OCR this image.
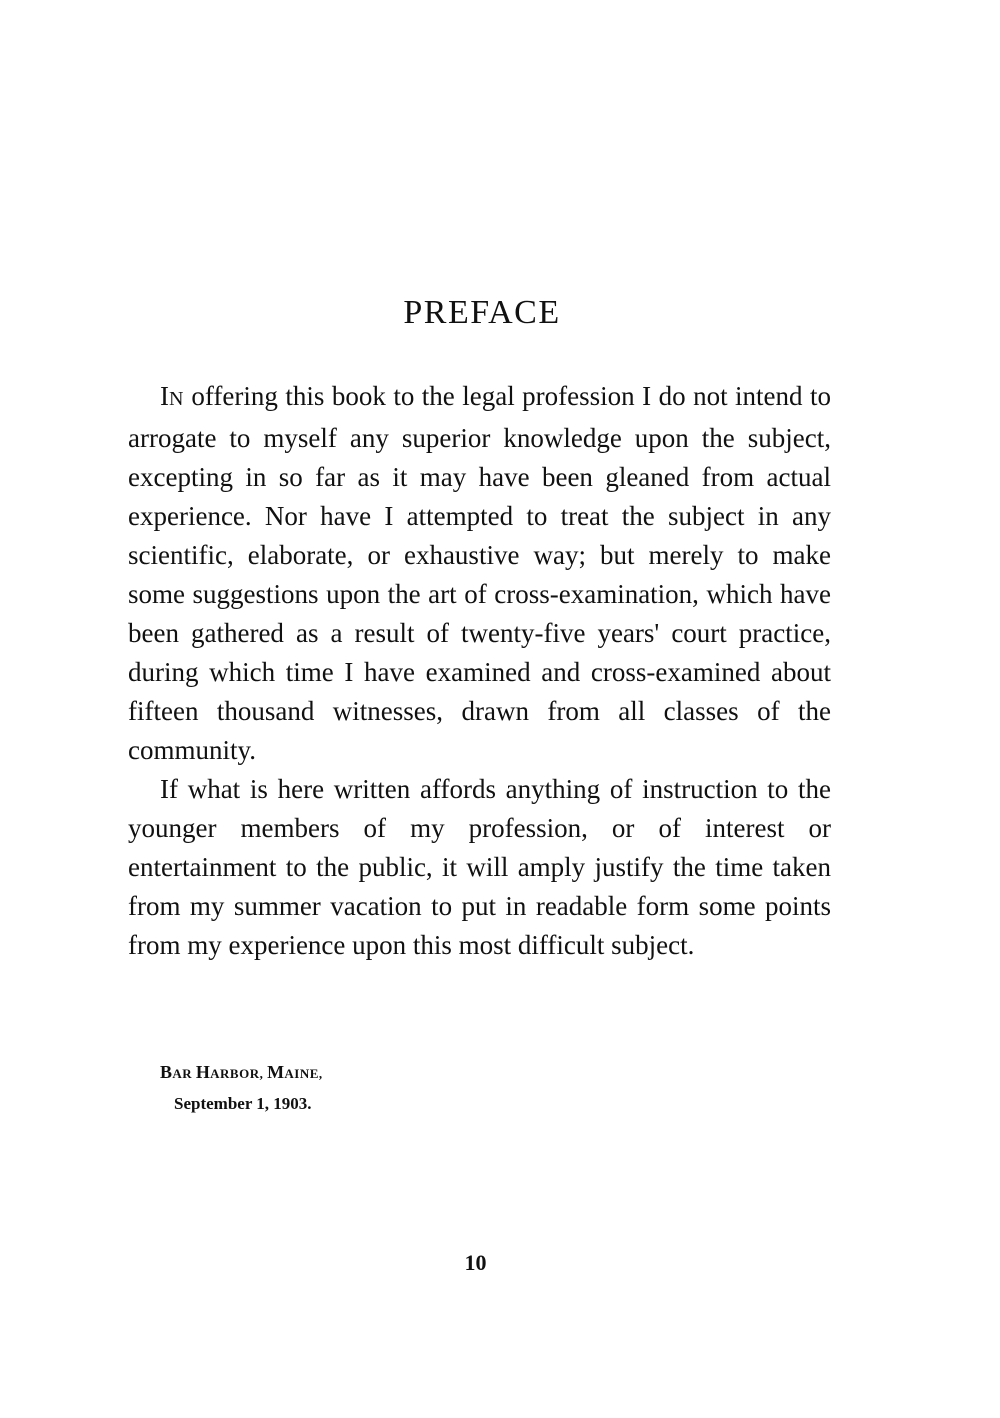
PREFACE

IN offering this book to the legal profession I do not intend to arrogate to myself any superior knowledge upon the subject, excepting in so far as it may have been gleaned from actual experience. Nor have I attempted to treat the subject in any scientific, elaborate, or exhaustive way; but merely to make some suggestions upon the art of cross-examination, which have been gathered as a result of twenty-five years' court practice, during which time I have examined and cross-examined about fifteen thousand witnesses, drawn from all classes of the community.

If what is here written affords anything of instruction to the younger members of my profession, or of interest or entertainment to the public, it will amply justify the time taken from my summer vacation to put in readable form some points from my experience upon this most difficult subject.

BAR HARBOR, MAINE,
September 1, 1903.
10
